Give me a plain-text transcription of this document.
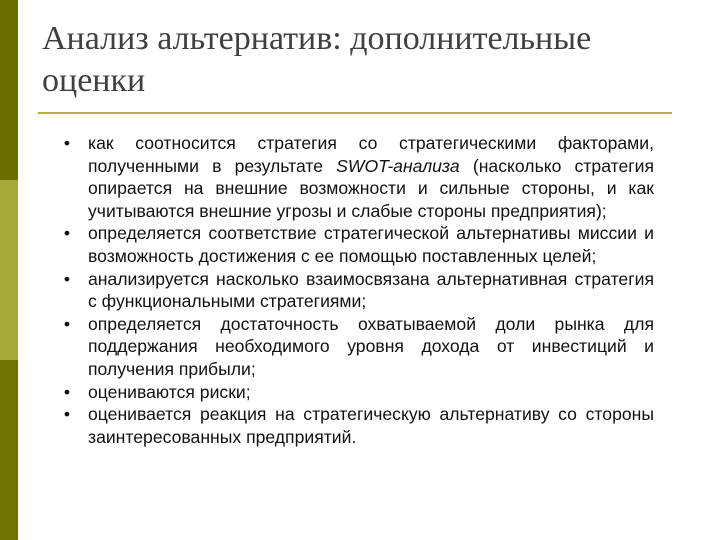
Анализ альтернатив: дополнительные оценки
• как соотносится стратегия со стратегическими факторами, полученными в результате SWOT-анализа (насколько стратегия опирается на внешние возможности и сильные стороны, и как учитываются внешние угрозы и слабые стороны предприятия);
• определяется соответствие стратегической альтернативы миссии и возможность достижения с ее помощью поставленных целей;
• анализируется насколько взаимосвязана альтернативная стратегия с функциональными стратегиями;
• определяется достаточность охватываемой доли рынка для поддержания необходимого уровня дохода от инвестиций и получения прибыли;
• оцениваются риски;
• оценивается реакция на стратегическую альтернативу со стороны заинтересованных предприятий.
